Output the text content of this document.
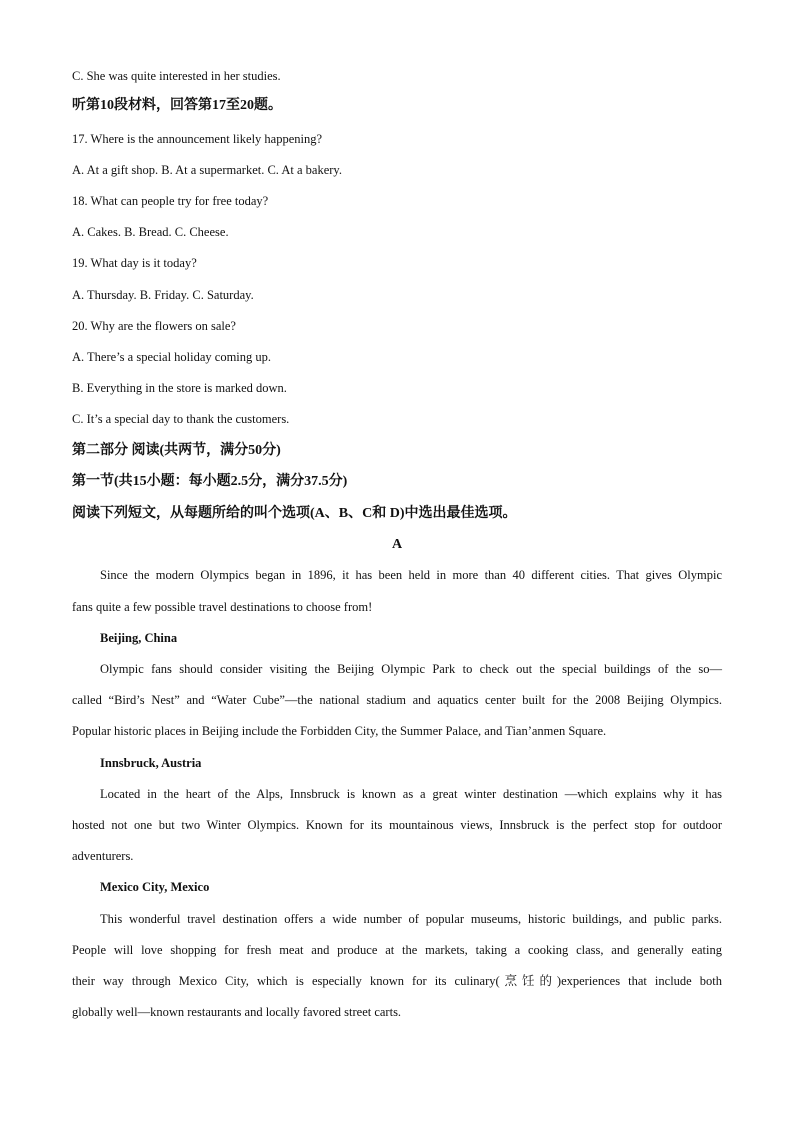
C. She was quite interested in her studies.
听第10段材料，回答第17至20题。
17. Where is the announcement likely happening?
A. At a gift shop. B. At a supermarket. C. At a bakery.
18. What can people try for free today?
A. Cakes. B. Bread. C. Cheese.
19. What day is it today?
A. Thursday. B. Friday. C. Saturday.
20. Why are the flowers on sale?
A. There’s a special holiday coming up.
B. Everything in the store is marked down.
C. It’s a special day to thank the customers.
第二部分 阅读(共两节，满分50分)
第一节(共15小题：每小题2.5分，满分37.5分)
阅读下列短文，从每题所给的叫个选项(A、B、C和 D)中选出最佳选项。
A
Since the modern Olympics began in 1896, it has been held in more than 40 different cities. That gives Olympic
fans quite a few possible travel destinations to choose from!
Beijing, China
Olympic fans should consider visiting the Beijing Olympic Park to check out the special buildings of the so—
called “Bird’s Nest” and “Water Cube”—the national stadium and aquatics center built for the 2008 Beijing Olympics.
Popular historic places in Beijing include the Forbidden City, the Summer Palace, and Tian’anmen Square.
Innsbruck, Austria
Located in the heart of the Alps, Innsbruck is known as a great winter destination —which explains why it has
hosted not one but two Winter Olympics. Known for its mountainous views, Innsbruck is the perfect stop for outdoor
adventurers.
Mexico City, Mexico
This wonderful travel destination offers a wide number of popular museums, historic buildings, and public parks.
People will love shopping for fresh meat and produce at the markets, taking a cooking class, and generally eating
their way through Mexico City, which is especially known for its culinary(烹饪的)experiences that include both
globally well—known restaurants and locally favored street carts.
